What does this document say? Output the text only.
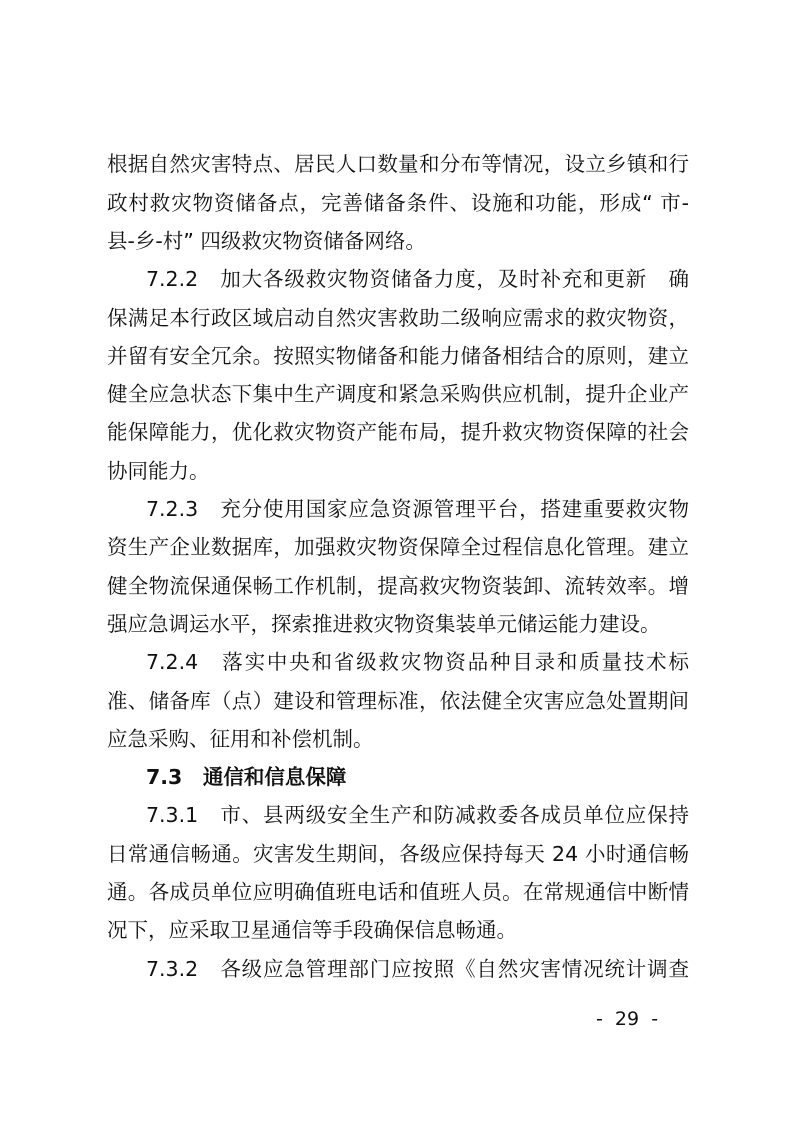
根据自然灾害特点、居民人口数量和分布等情况，设立乡镇和行
政村救灾物资储备点，完善储备条件、设施和功能，形成“ 市-
县-乡-村” 四级救灾物资储备网络。
7.2.2　加大各级救灾物资储备力度，及时补充和更新　确
保满足本行政区域启动自然灾害救助二级响应需求的救灾物资，
并留有安全冗余。按照实物储备和能力储备相结合的原则，建立
健全应急状态下集中生产调度和紧急采购供应机制，提升企业产
能保障能力，优化救灾物资产能布局，提升救灾物资保障的社会
协同能力。
7.2.3　充分使用国家应急资源管理平台，搭建重要救灾物
资生产企业数据库，加强救灾物资保障全过程信息化管理。建立
健全物流保通保畅工作机制，提高救灾物资装卸、流转效率。增
强应急调运水平，探索推进救灾物资集装单元储运能力建设。
7.2.4　落实中央和省级救灾物资品种目录和质量技术标
准、储备库（点）建设和管理标准，依法健全灾害应急处置期间
应急采购、征用和补偿机制。
7.3　通信和信息保障
7.3.1　市、县两级安全生产和防减救委各成员单位应保持
日常通信畅通。灾害发生期间，各级应保持每天 24 小时通信畅
通。各成员单位应明确值班电话和值班人员。在常规通信中断情
况下，应采取卫星通信等手段确保信息畅通。
7.3.2　各级应急管理部门应按照《自然灾害情况统计调查
-  29  -
